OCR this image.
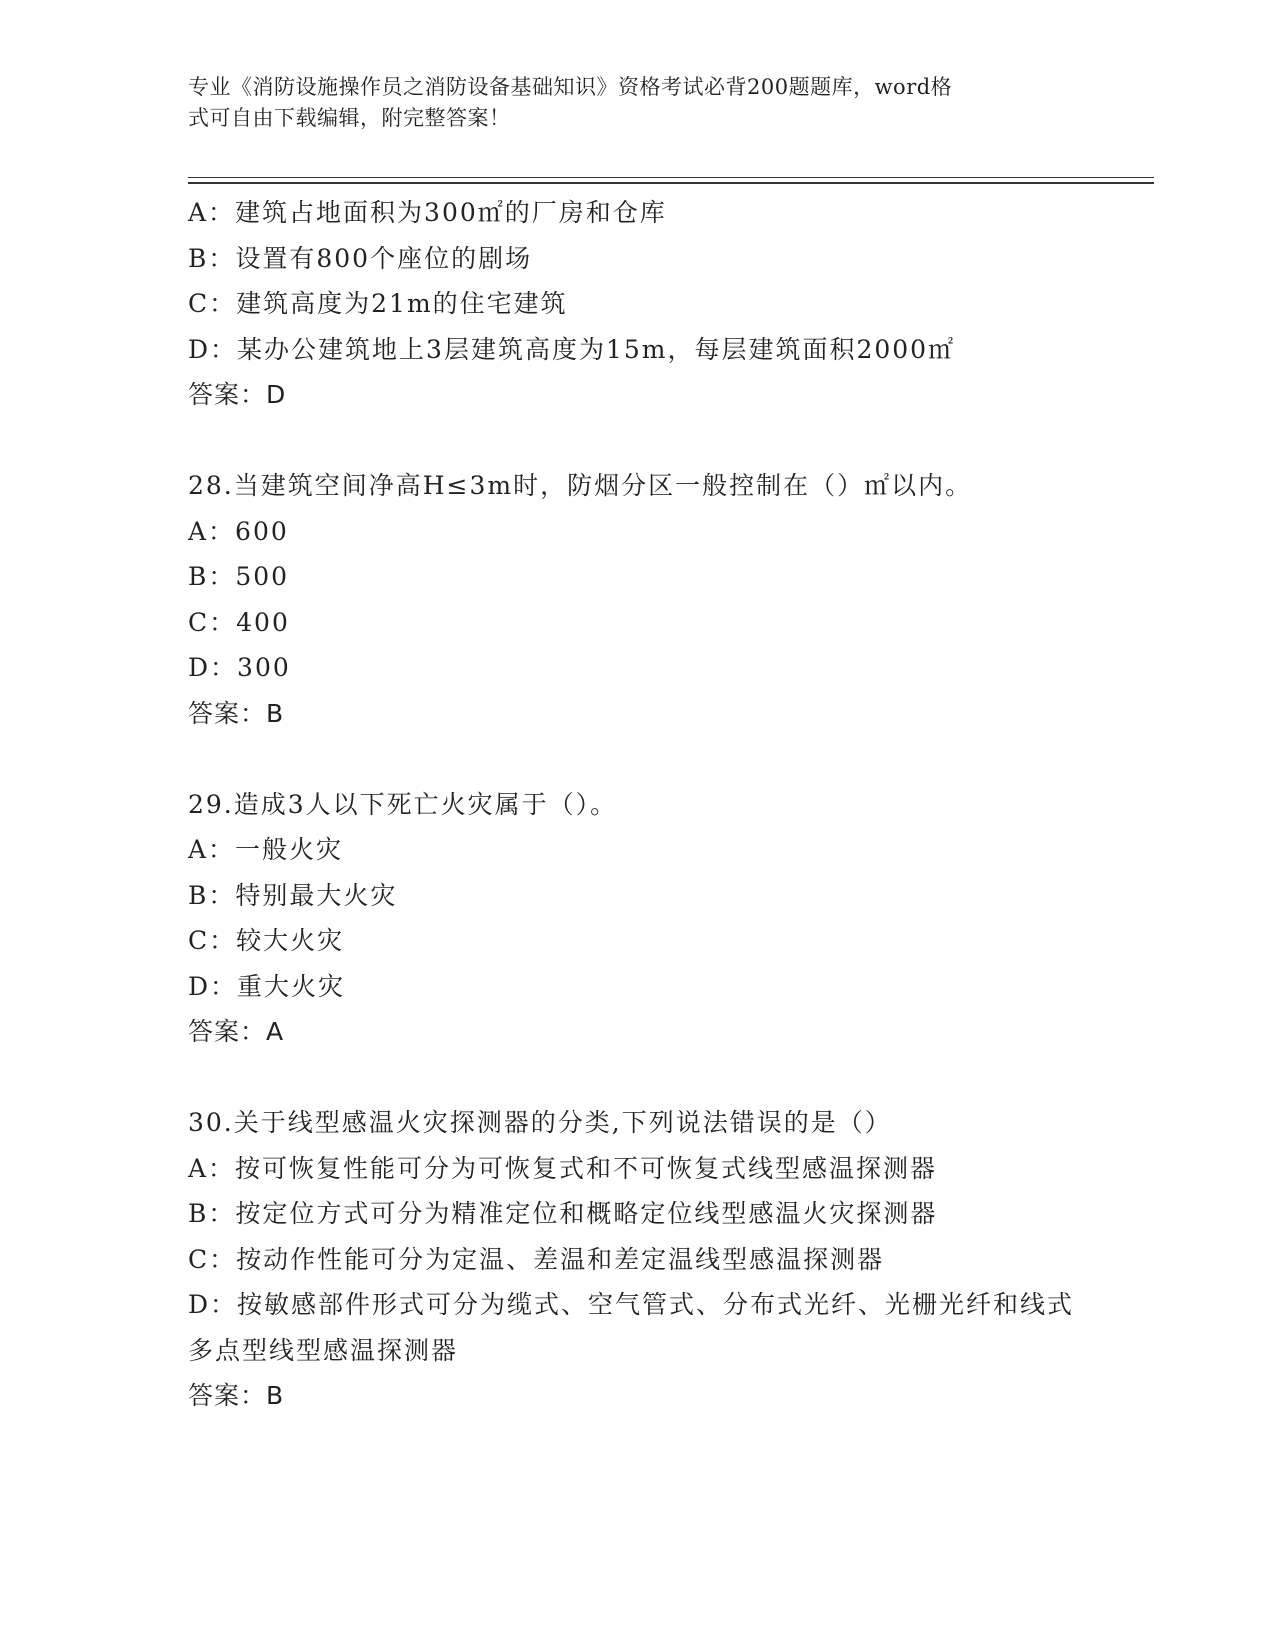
专业《消防设施操作员之消防设备基础知识》资格考试必背200题题库，word格
式可自由下载编辑，附完整答案！
A：建筑占地面积为300㎡的厂房和仓库
B：设置有800个座位的剧场
C：建筑高度为21m的住宅建筑
D：某办公建筑地上3层建筑高度为15m，每层建筑面积2000㎡
答案：D
28.当建筑空间净高H≤3m时，防烟分区一般控制在（）㎡以内。
A：600
B：500
C：400
D：300
答案：B
29.造成3人以下死亡火灾属于（）。
A：一般火灾
B：特别最大火灾
C：较大火灾
D：重大火灾
答案：A
30.关于线型感温火灾探测器的分类,下列说法错误的是（）
A：按可恢复性能可分为可恢复式和不可恢复式线型感温探测器
B：按定位方式可分为精准定位和概略定位线型感温火灾探测器
C：按动作性能可分为定温、差温和差定温线型感温探测器
D：按敏感部件形式可分为缆式、空气管式、分布式光纤、光栅光纤和线式多点型线型感温探测器
答案：B
